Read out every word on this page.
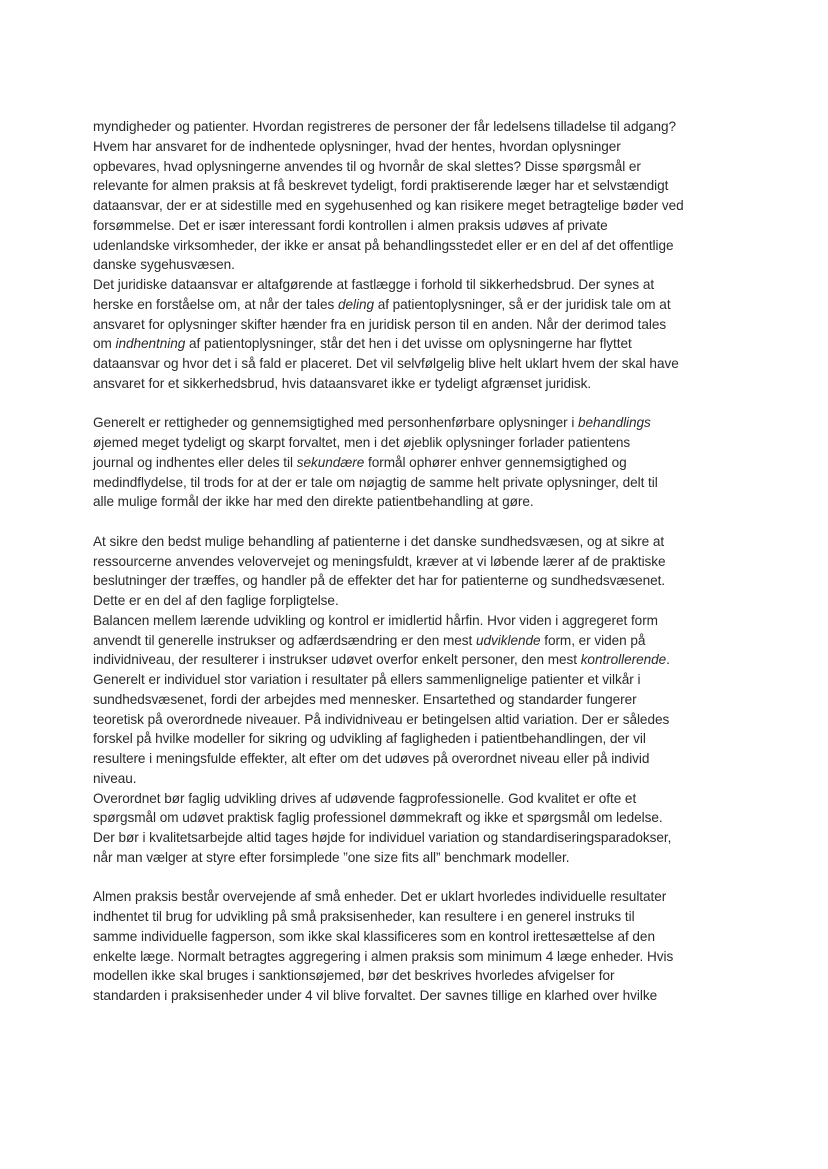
myndigheder og patienter. Hvordan registreres de personer der får ledelsens tilladelse til adgang?
Hvem har ansvaret for de indhentede oplysninger, hvad der hentes, hvordan oplysninger
opbevares, hvad oplysningerne anvendes til og hvornår de skal slettes? Disse spørgsmål er
relevante for almen praksis at få beskrevet tydeligt, fordi praktiserende læger har et selvstændigt
dataansvar, der er at sidestille med en sygehusenhed og kan risikere meget betragtelige bøder ved
forsømmelse. Det er især interessant fordi kontrollen i almen praksis udøves af private
udenlandske virksomheder, der ikke er ansat på behandlingsstedet eller er en del af det offentlige
danske sygehusvæsen.
Det juridiske dataansvar er altafgørende at fastlægge i forhold til sikkerhedsbrud. Der synes at
herske en forståelse om, at når der tales deling af patientoplysninger, så er der juridisk tale om at
ansvaret for oplysninger skifter hænder fra en juridisk person til en anden. Når der derimod tales
om indhentning af patientoplysninger, står det hen i det uvisse om oplysningerne har flyttet
dataansvar og hvor det i så fald er placeret. Det vil selvfølgelig blive helt uklart hvem der skal have
ansvaret for et sikkerhedsbrud, hvis dataansvaret ikke er tydeligt afgrænset juridisk.
Generelt er rettigheder og gennemsigtighed med personhenførbare oplysninger i behandlings
øjemed meget tydeligt og skarpt forvaltet, men i det øjeblik oplysninger forlader patientens
journal og indhentes eller deles til sekundære formål ophører enhver gennemsigtighed og
medindflydelse, til trods for at der er tale om nøjagtig de samme helt private oplysninger, delt til
alle mulige formål der ikke har med den direkte patientbehandling at gøre.
At sikre den bedst mulige behandling af patienterne i det danske sundhedsvæsen, og at sikre at
ressourcerne anvendes velovervejet og meningsfuldt, kræver at vi løbende lærer af de praktiske
beslutninger der træffes, og handler på de effekter det har for patienterne og sundhedsvæsenet.
Dette er en del af den faglige forpligtelse.
Balancen mellem lærende udvikling og kontrol er imidlertid hårfin. Hvor viden i aggregeret form
anvendt til generelle instrukser og adfærdsændring er den mest udviklende form, er viden på
individniveau, der resulterer i instrukser udøvet overfor enkelt personer, den mest kontrollerende.
Generelt er individuel stor variation i resultater på ellers sammenlignelige patienter et vilkår i
sundhedsvæsenet, fordi der arbejdes med mennesker. Ensartethed og standarder fungerer
teoretisk på overordnede niveauer. På individniveau er betingelsen altid variation. Der er således
forskel på hvilke modeller for sikring og udvikling af fagligheden i patientbehandlingen, der vil
resultere i meningsfulde effekter, alt efter om det udøves på overordnet niveau eller på individ
niveau.
Overordnet bør faglig udvikling drives af udøvende fagprofessionelle. God kvalitet er ofte et
spørgsmål om udøvet praktisk faglig professionel dømmekraft og ikke et spørgsmål om ledelse.
Der bør i kvalitetsarbejde altid tages højde for individuel variation og standardiseringsparadokser,
når man vælger at styre efter forsimplede ”one size fits all” benchmark modeller.
Almen praksis består overvejende af små enheder. Det er uklart hvorledes individuelle resultater
indhentet til brug for udvikling på små praksisenheder, kan resultere i en generel instruks til
samme individuelle fagperson, som ikke skal klassificeres som en kontrol irettesættelse af den
enkelte læge. Normalt betragtes aggregering i almen praksis som minimum 4 læge enheder. Hvis
modellen ikke skal bruges i sanktionsøjemed, bør det beskrives hvorledes afvigelser for
standarden i praksisenheder under 4 vil blive forvaltet. Der savnes tillige en klarhed over hvilke
